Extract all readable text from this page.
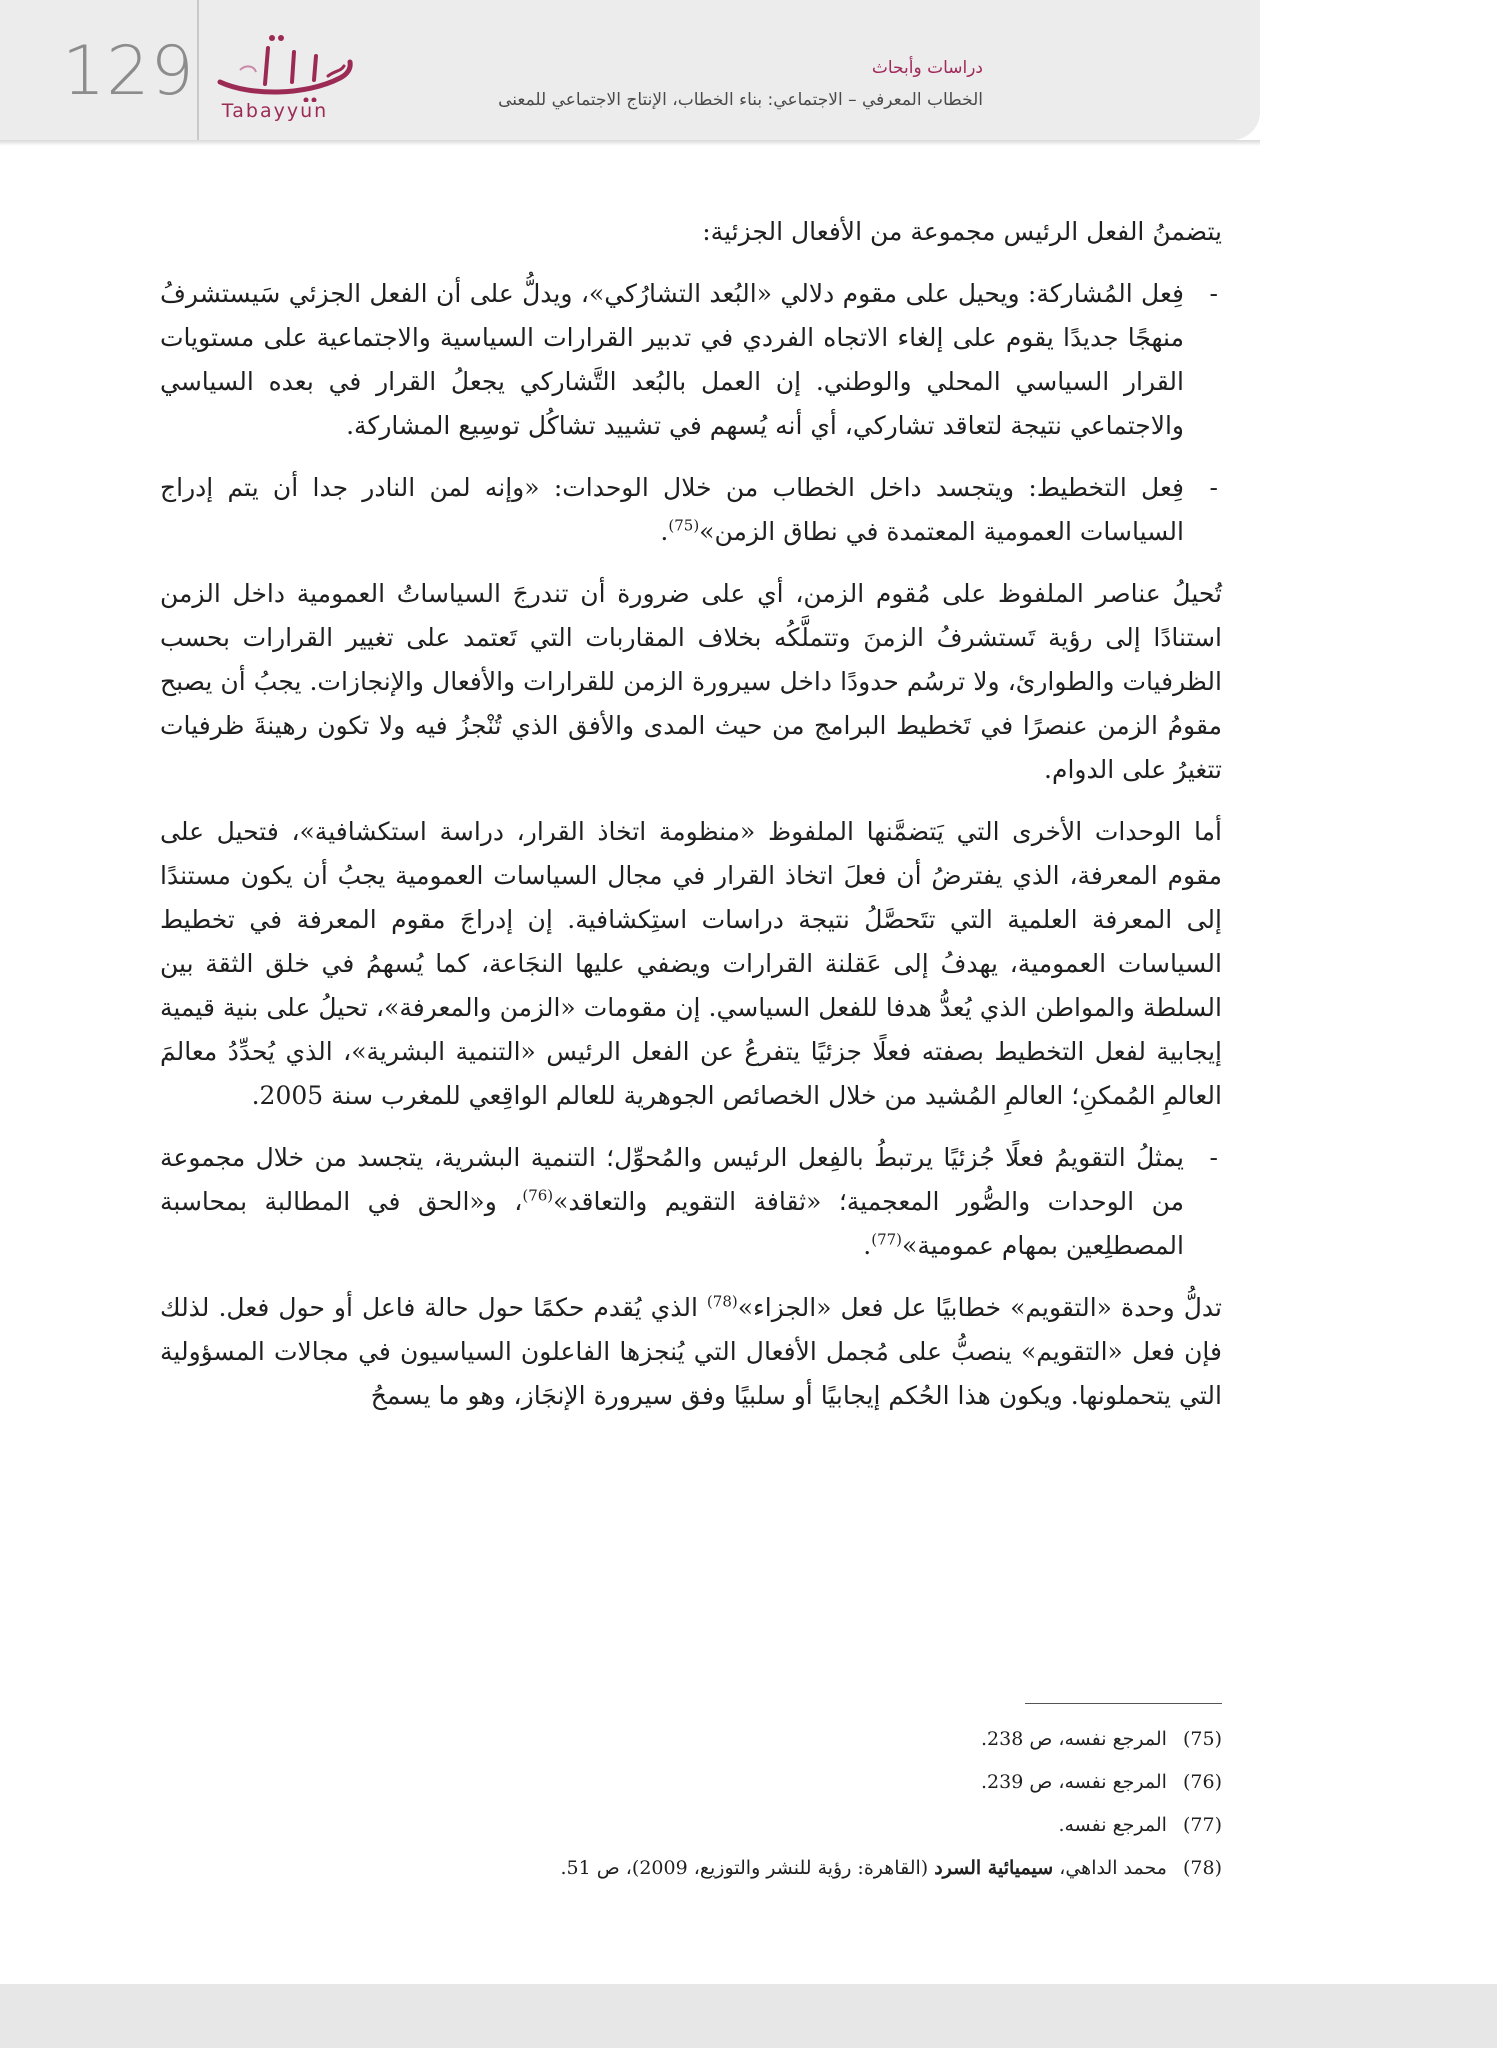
129	Tabayyun
دراسات وأبحاث
الخطاب المعرفي – الاجتماعي: بناء الخطاب، الإنتاج الاجتماعي للمعنى

يتضمنُ الفعل الرئيس مجموعة من الأفعال الجزئية:

- فِعل المُشاركة: ويحيل على مقوم دلالي «البُعد التشارُكي»، ويدلُّ على أن الفعل الجزئي سَيستشرفُ منهجًا جديدًا يقوم على إلغاء الاتجاه الفردي في تدبير القرارات السياسية والاجتماعية على مستويات القرار السياسي المحلي والوطني. إن العمل بالبُعد التَّشاركي يجعلُ القرار في بعده السياسي والاجتماعي نتيجة لتعاقد تشاركي، أي أنه يُسهم في تشييد تشاكُل توسِيع المشاركة.

- فِعل التخطيط: ويتجسد داخل الخطاب من خلال الوحدات: «وإنه لمن النادر جدا أن يتم إدراج السياسات العمومية المعتمدة في نطاق الزمن»$^{(75)}$.

تُحيلُ عناصر الملفوظ على مُقوم الزمن، أي على ضرورة أن تندرجَ السياساتُ العمومية داخل الزمن استنادًا إلى رؤية تَستشرفُ الزمنَ وتتملَّكُه بخلاف المقاربات التي تَعتمد على تغيير القرارات بحسب الظرفيات والطوارئ، ولا ترسُم حدودًا داخل سيرورة الزمن للقرارات والأفعال والإنجازات. يجبُ أن يصبح مقومُ الزمن عنصرًا في تَخطيط البرامج من حيث المدى والأفق الذي تُنْجزُ فيه ولا تكون رهينةَ ظرفيات تتغيرُ على الدوام.

أما الوحدات الأخرى التي يَتضمَّنها الملفوظ «منظومة اتخاذ القرار، دراسة استكشافية»، فتحيل على مقوم المعرفة، الذي يفترضُ أن فعلَ اتخاذ القرار في مجال السياسات العمومية يجبُ أن يكون مستندًا إلى المعرفة العلمية التي تتَحصَّلُ نتيجة دراسات استِكشافية. إن إدراجَ مقوم المعرفة في تخطيط السياسات العمومية، يهدفُ إلى عَقلنة القرارات ويضفي عليها النجَاعة، كما يُسهمُ في خلق الثقة بين السلطة والمواطن الذي يُعدُّ هدفا للفعل السياسي. إن مقومات «الزمن والمعرفة»، تحيلُ على بنية قيمية إيجابية لفعل التخطيط بصفته فعلًا جزئيًا يتفرعُ عن الفعل الرئيس «التنمية البشرية»، الذي يُحدِّدُ معالمَ العالمِ المُمكنِ؛ العالمِ المُشيد من خلال الخصائص الجوهرية للعالم الواقِعي للمغرب سنة 2005.

- يمثلُ التقويمُ فعلًا جُزئيًا يرتبطُ بالفِعل الرئيس والمُحوِّل؛ التنمية البشرية، يتجسد من خلال مجموعة من الوحدات والصُّور المعجمية؛ «ثقافة التقويم والتعاقد»$^{(76)}$، و«الحق في المطالبة بمحاسبة المصطلِعين بمهام عمومية»$^{(77)}$.

تدلُّ وحدة «التقويم» خطابيًا عل فعل «الجزاء»$^{(78)}$ الذي يُقدم حكمًا حول حالة فاعل أو حول فعل. لذلك فإن فعل «التقويم» ينصبُّ على مُجمل الأفعال التي يُنجزها الفاعلون السياسيون في مجالات المسؤولية التي يتحملونها. ويكون هذا الحُكم إيجابيًا أو سلبيًا وفق سيرورة الإنجَاز، وهو ما يسمحُ

(75)المرجع نفسه، ص 238.
(76)المرجع نفسه، ص 239.
(77)المرجع نفسه.
(78)محمد الداهي، سيميائية السرد (القاهرة: رؤية للنشر والتوزيع، 2009)، ص 51.
